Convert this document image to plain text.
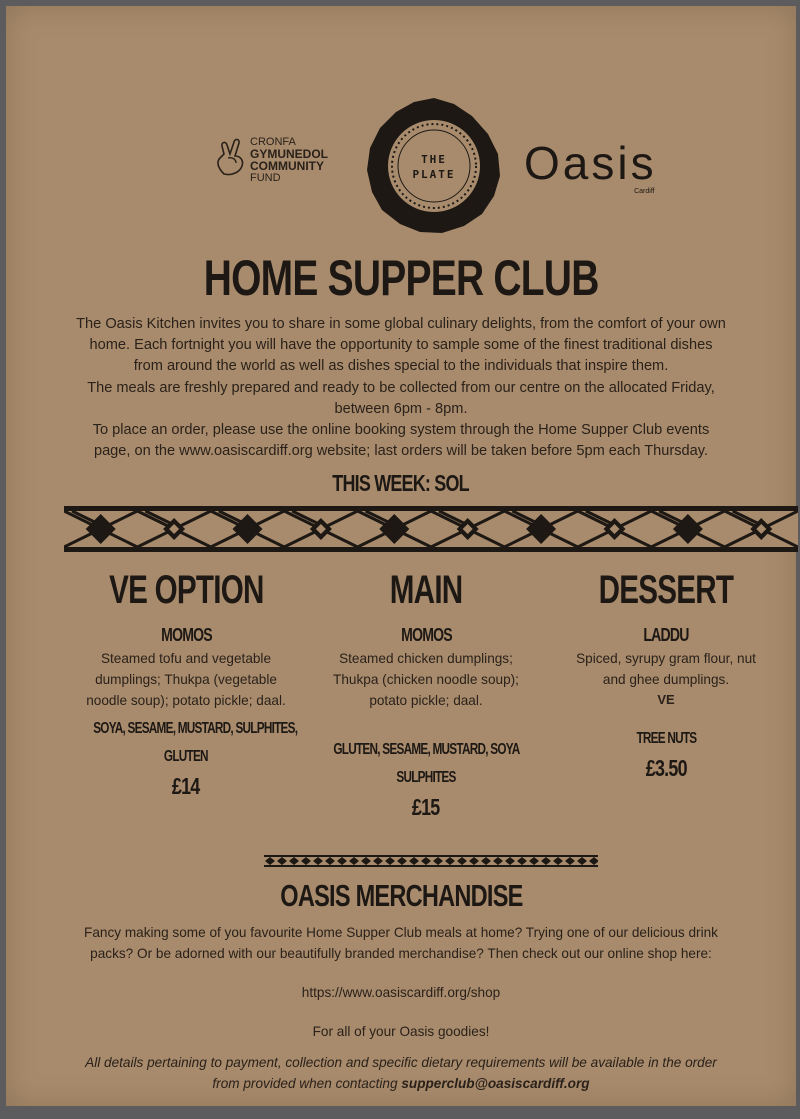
CRONFA
GYMUNEDOL
COMMUNITY
FUND
THE
PLATE	Oasis
Cardiff
HOME SUPPER CLUB

The Oasis Kitchen invites you to share in some global culinary delights, from the comfort of your own home. Each fortnight you will have the opportunity to sample some of the finest traditional dishes from around the world as well as dishes special to the individuals that inspire them.

The meals are freshly prepared and ready to be collected from our centre on the allocated Friday, between 6pm - 8pm.

To place an order, please use the online booking system through the Home Supper Club events page, on the www.oasiscardiff.org website; last orders will be taken before 5pm each Thursday.

THIS WEEK: SOL
VE OPTION
MOMOS
Steamed tofu and vegetable dumplings; Thukpa (vegetable noodle soup); potato pickle; daal.
SOYA, SESAME, MUSTARD, SULPHITES,
GLUTEN
£14
MAIN
MOMOS
Steamed chicken dumplings; Thukpa (chicken noodle soup); potato pickle; daal.
GLUTEN, SESAME, MUSTARD, SOYA
SULPHITES
£15
DESSERT
LADDU
Spiced, syrupy gram flour, nut and ghee dumplings.
VE
TREE NUTS
£3.50
OASIS MERCHANDISE

Fancy making some of you favourite Home Supper Club meals at home? Trying one of our delicious drink packs? Or be adorned with our beautifully branded merchandise? Then check out our online shop here:

https://www.oasiscardiff.org/shop
For all of your Oasis goodies!
All details pertaining to payment, collection and specific dietary requirements will be available in the order from provided when contacting supperclub@oasiscardiff.org
